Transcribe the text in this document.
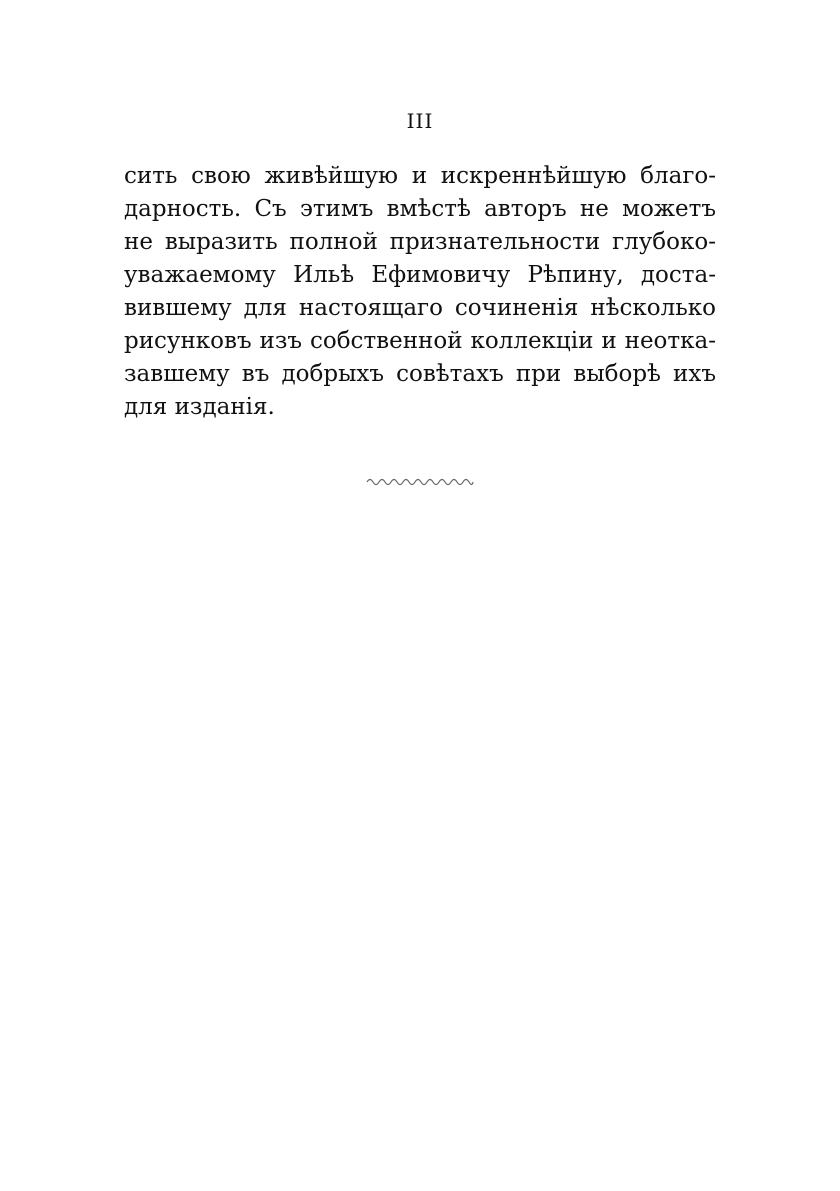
III
сить свою живѣйшую и искреннѣйшую благо-
дарность. Съ этимъ вмѣстѣ авторъ не можетъ
не выразить полной признательности глубоко-
уважаемому Ильѣ Ефимовичу Рѣпину, доста-
вившему для настоящаго сочиненія нѣсколько
рисунковъ изъ собственной коллекціи и неотка-
завшему въ добрыхъ совѣтахъ при выборѣ ихъ
для изданія.
